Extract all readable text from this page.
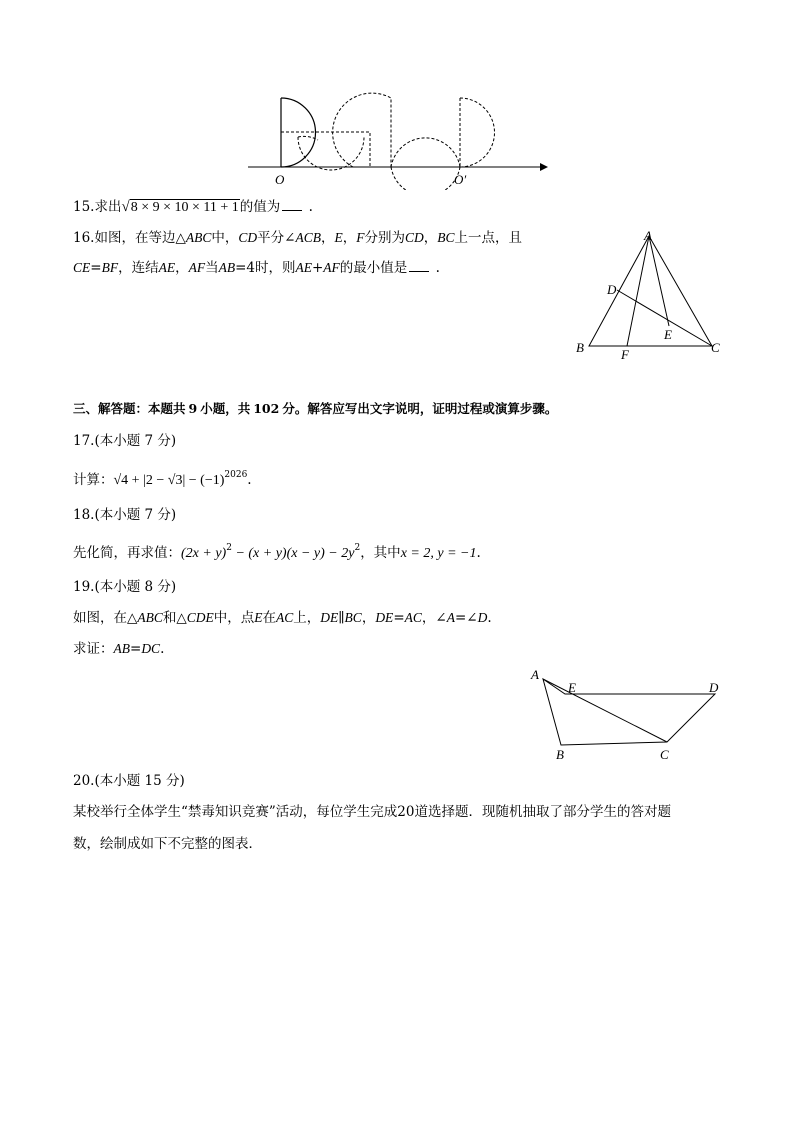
O	O′
15.求出√8 × 9 × 10 × 11 + 1的值为 .
16.如图，在等边△ABC中，CD平分∠ACB，E，F分别为CD，BC上一点，且
CE=BF，连结AE，AF当AB=4时，则AE+AF的最小值是 .
A
D
E
B	C
F
三、解答题：本题共 9 小题，共 102 分。解答应写出文字说明，证明过程或演算步骤。
17.(本小题 7 分)
计算：$√4 + |2 - √3| - (-1)^{2026}$.
18.(本小题 7 分)
先化简，再求值：$(2x + y)^2 - (x + y)(x - y) - 2y^2$，其中x = 2, y = −1.
19.(本小题 8 分)
如图，在△ABC和△CDE中，点E在AC上，DE∥BC，DE=AC，∠A=∠D.
求证：AB=DC.
A
E	D
B	C
20.(本小题 15 分)
某校举行全体学生“禁毒知识竞赛”活动，每位学生完成20道选择题．现随机抽取了部分学生的答对题
数，绘制成如下不完整的图表．
